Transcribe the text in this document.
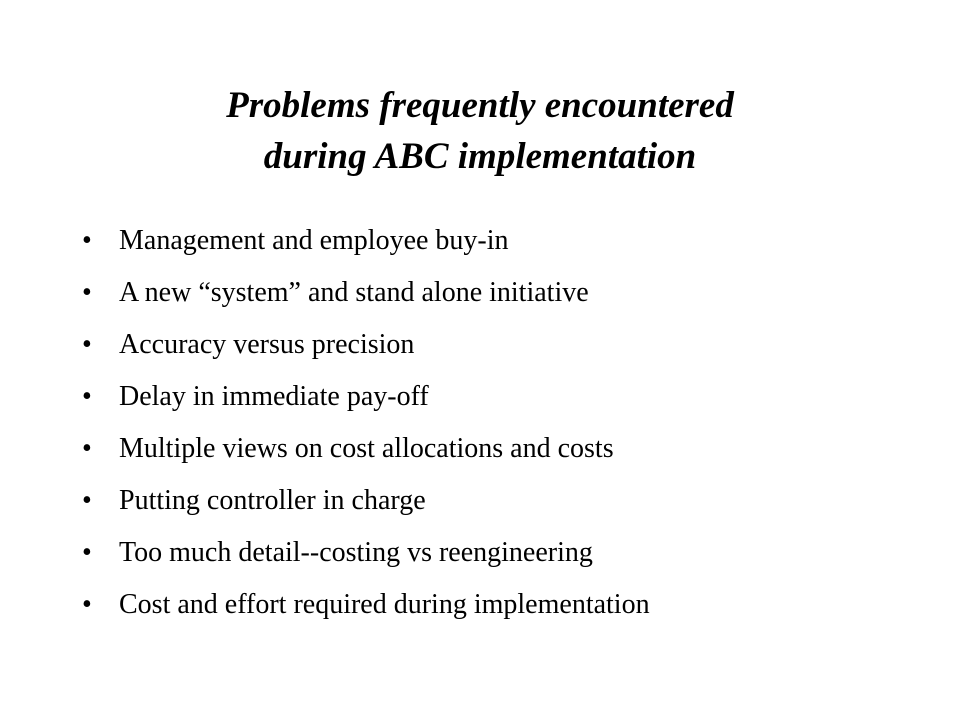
Problems frequently encountered
during ABC implementation
• Management and employee buy-in
• A new “system” and stand alone initiative
• Accuracy versus precision
• Delay in immediate pay-off
• Multiple views on cost allocations and costs
• Putting controller in charge
• Too much detail--costing vs reengineering
• Cost and effort required during implementation
